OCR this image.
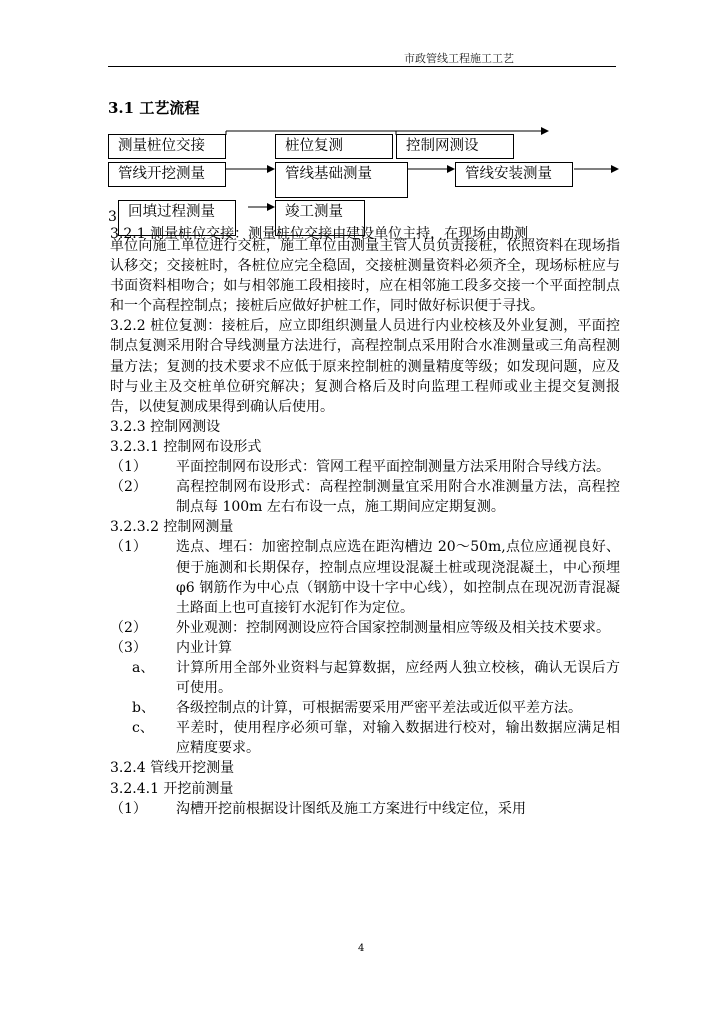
市政管线工程施工工艺
3.1 工艺流程
测量桩位交接	桩位复测	控制网测设
管线开挖测量	管线基础测量	管线安装测量
回填过程测量	竣工测量
3
3.2.1 测量桩位交接：测量桩位交接由建设单位主持，在现场由勘测

单位向施工单位进行交桩，施工单位由测量主管人员负责接桩，依照资料在现场指认移交；交接桩时，各桩位应完全稳固，交接桩测量资料必须齐全，现场标桩应与书面资料相吻合；如与相邻施工段相接时，应在相邻施工段多交接一个平面控制点和一个高程控制点；接桩后应做好护桩工作，同时做好标识便于寻找。

3.2.2 桩位复测：接桩后，应立即组织测量人员进行内业校核及外业复测，平面控制点复测采用附合导线测量方法进行，高程控制点采用附合水准测量或三角高程测量方法；复测的技术要求不应低于原来控制桩的测量精度等级；如发现问题，应及时与业主及交桩单位研究解决；复测合格后及时向监理工程师或业主提交复测报告，以使复测成果得到确认后使用。

3.2.3 控制网测设

3.2.3.1 控制网布设形式

（1）	平面控制网布设形式：管网工程平面控制测量方法采用附合导线方法。
（2）	高程控制网布设形式：高程控制测量宜采用附合水准测量方法，高程控制点每 100m 左右布设一点，施工期间应定期复测。

3.2.3.2 控制网测量

（1）	选点、埋石：加密控制点应选在距沟槽边 20～50m,点位应通视良好、便于施测和长期保存，控制点应埋设混凝土桩或现浇混凝土，中心预埋 φ6 钢筋作为中心点（钢筋中设十字中心线），如控制点在现况沥青混凝土路面上也可直接钉水泥钉作为定位。
（2）	外业观测：控制网测设应符合国家控制测量相应等级及相关技术要求。
（3）	内业计算
a、	计算所用全部外业资料与起算数据，应经两人独立校核，确认无误后方可使用。
b、	各级控制点的计算，可根据需要采用严密平差法或近似平差方法。
c、	平差时，使用程序必须可靠，对输入数据进行校对，输出数据应满足相应精度要求。

3.2.4 管线开挖测量

3.2.4.1 开挖前测量

（1）	沟槽开挖前根据设计图纸及施工方案进行中线定位，采用
4
